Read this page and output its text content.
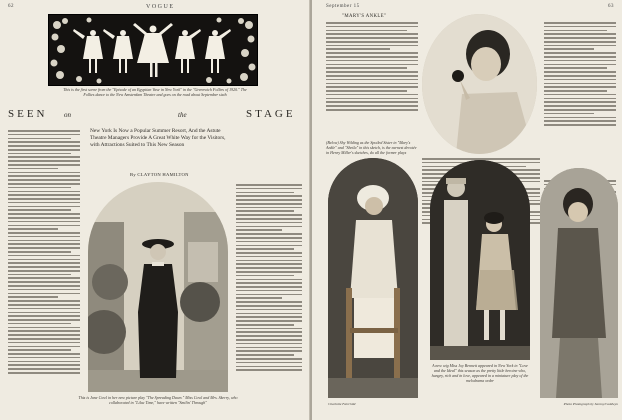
62	VOGUE
This is the first scene from the "Episode of an Egyptian Vase in New York" in the "Greenwich Follies of 1920." The Follies dance to the New Amsterdam Theatre and goes on the road about September sixth
SEEN on	the	STAGE
New York Is Now a Popular Summer Resort, And the Astute Theatre Managers Provide A Great White Way for the Visitors, with Attractions Suited to This New Season
By CLAYTON HAMILTON
This is Jane Cowl in her new picture play "The Spreading Dawn." Miss Cowl and Mrs. Skerry, who collaborated in "Lilac Time," have written "Smilin' Through"
September 15	63
"MARY'S ANKLE"
(Below) Shy Wilding as the Spoiled Sister in "Mary's Ankle" and "Sheila" in this sketch, is the earnest devotée in Henry Miller's sketches, do all the former plays
Charlotte Fairchild
A new wig Miss Joy Bennett appeared in New York in "Love and the Ideal" this season as the pretty little heroine who, hungry, rich and in love, appeared in a miniature play of the melodrama order
Photo Photograph by Sarony/Goldwyn
